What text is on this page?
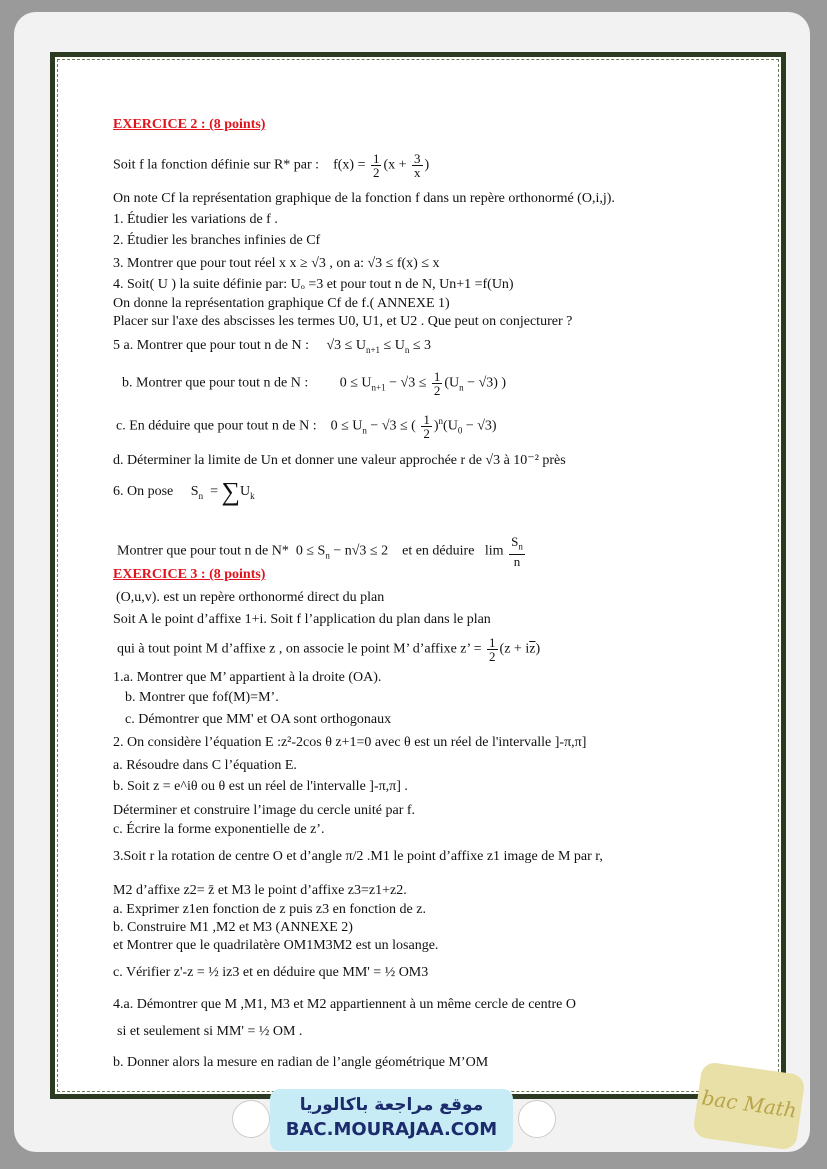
EXERCICE 2 : (8 points)
Soit f la fonction définie sur R* par :    $f(x) = \frac{1}{2} (x + \frac{3}{x}$ )
On note Cf la représentation graphique de la fonction f dans un repère orthonormé (O,i,j).
1. Étudier les variations de f .
2. Étudier les branches infinies de Cf
3. Montrer que pour tout réel x x ≥ √3 , on a: √3 ≤ f(x) ≤ x
4. Soit( U ) la suite définie par: Uₒ =3 et pour tout n de N, Un+1 =f(Un)
On donne la représentation graphique Cf de f.( ANNEXE 1)
Placer sur l'axe des abscisses les termes U0, U1, et U2 . Que peut on conjecturer ?
5 a. Montrer que pour tout n de N :     $√3 \le U_{n+1} \le U_n \le 3$
b. Montrer que pour tout n de N :         $0 \le U_{n+1} - √3 \le \frac{1}{2} (U_n - √3)$ )
c. En déduire que pour tout n de N :    $0 \le U_n - √3$ ≤ ( $\frac{1}{2} )^n(U_0 - √3)$
d. Déterminer la limite de Un et donner une valeur approchée r de √3 à 10⁻² près
6. On pose     $S_n = \sum U_k$
Montrer que pour tout n de N*  $0 \le S_n - n√3 \le 2$    et en déduire   $\lim \frac{S_n}{n}$
EXERCICE 3 : (8 points)
(O,u,v). est un repère orthonormé direct du plan
Soit A le point d’affixe 1+i. Soit f l’application du plan dans le plan
qui à tout point M d’affixe z , on associe le point M’ d’affixe z’ = $\frac{1}{2} (z + i\overline{z})$
1.a. Montrer que M’ appartient à la droite (OA).
b. Montrer que fof(M)=M’.
c. Démontrer que MM' et OA sont orthogonaux
2. On considère l’équation E :z²-2cos θ z+1=0 avec θ est un réel de l'intervalle ]-π,π]
a. Résoudre dans C l’équation E.
b. Soit z = e^iθ ou θ est un réel de l'intervalle ]-π,π] .
Déterminer et construire l’image du cercle unité par f.
c. Écrire la forme exponentielle de z’.
3.Soit r la rotation de centre O et d’angle π/2 .M1 le point d’affixe z1 image de M par r,
M2 d’affixe z2= z̄ et M3 le point d’affixe z3=z1+z2.
a. Exprimer z1en fonction de z puis z3 en fonction de z.
b. Construire M1 ,M2 et M3 (ANNEXE 2)
et Montrer que le quadrilatère OM1M3M2 est un losange.
c. Vérifier z'-z = ½ iz3 et en déduire que MM' = ½ OM3
4.a. Démontrer que M ,M1, M3 et M2 appartiennent à un même cercle de centre O
si et seulement si MM' = ½ OM .
b. Donner alors la mesure en radian de l’angle géométrique M’OM
موقع مراجعة باكالوريا
BAC.MOURAJAA.COM
bac Math
